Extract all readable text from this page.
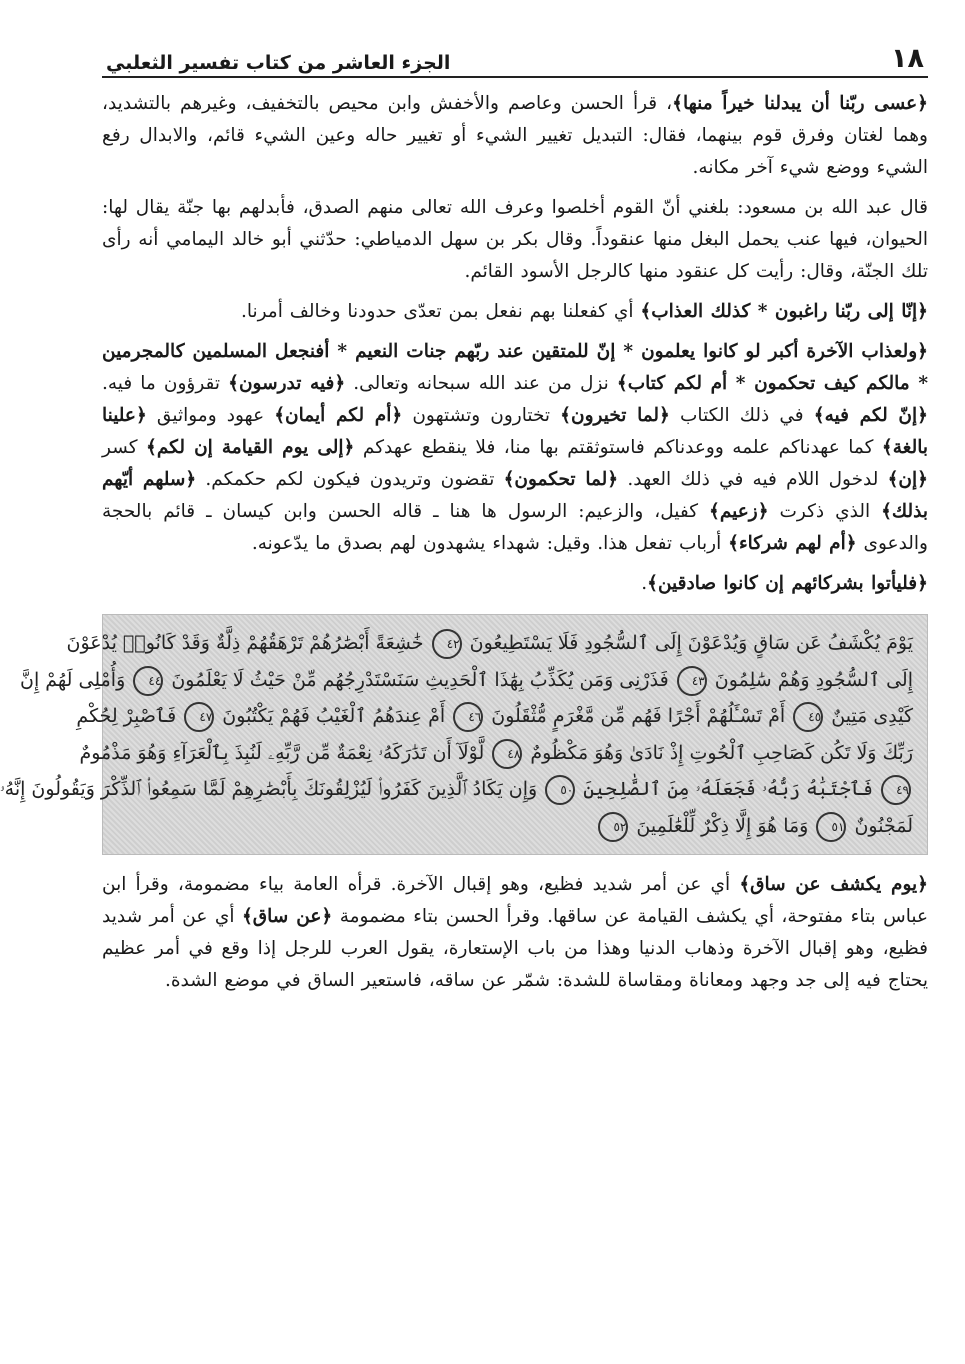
١٨
الجزء العاشر من كتاب تفسير الثعلبي

﴿عسى ربّنا أن يبدلنا خيراً منها﴾، قرأ الحسن وعاصم والأخفش وابن محيص بالتخفيف، وغيرهم بالتشديد، وهما لغتان وفرق قوم بينهما، فقال: التبديل تغيير الشيء أو تغيير حاله وعين الشيء قائم، والابدال رفع الشيء ووضع شيء آخر مكانه.

قال عبد الله بن مسعود: بلغني أنّ القوم أخلصوا وعرف الله تعالى منهم الصدق، فأبدلهم بها جنّة يقال لها: الحيوان، فيها عنب يحمل البغل منها عنقوداً. وقال بكر بن سهل الدمياطي: حدّثني أبو خالد اليمامي أنه رأى تلك الجنّة، وقال: رأيت كل عنقود منها كالرجل الأسود القائم.

﴿إنّا إلى ربّنا راغبون * كذلك العذاب﴾ أي كفعلنا بهم نفعل بمن تعدّى حدودنا وخالف أمرنا.

﴿ولعذاب الآخرة أكبر لو كانوا يعلمون * إنّ للمتقين عند ربّهم جنات النعيم * أفنجعل المسلمين كالمجرمين * مالكم كيف تحكمون * أم لكم كتاب﴾ نزل من عند الله سبحانه وتعالى. ﴿فيه تدرسون﴾ تقرؤون ما فيه. ﴿إنّ لكم فيه﴾ في ذلك الكتاب ﴿لما تخيرون﴾ تختارون وتشتهون ﴿أم لكم أيمان﴾ عهود ومواثيق ﴿علينا بالغة﴾ كما عهدناكم علمه ووعدناكم فاستوثقتم بها منا، فلا ينقطع عهدكم ﴿إلى يوم القيامة إن لكم﴾ كسر ﴿إن﴾ لدخول اللام فيه في ذلك العهد. ﴿لما تحكمون﴾ تقضون وتريدون فيكون لكم حكمكم. ﴿سلهم أيّهم بذلك﴾ الذي ذكرت ﴿زعيم﴾ كفيل، والزعيم: الرسول ها هنا ـ قاله الحسن وابن كيسان ـ قائم بالحجة والدعوى ﴿أم لهم شركاء﴾ أرباب تفعل هذا. وقيل: شهداء يشهدون لهم بصدق ما يدّعونه.

﴿فليأتوا بشركائهم إن كانوا صادقين﴾.

يَوْمَ يُكْشَفُ عَن سَاقٍ وَيُدْعَوْنَ إِلَى ٱلسُّجُودِ فَلَا يَسْتَطِيعُونَ ٤٢ خَٰشِعَةً أَبْصَٰرُهُمْ تَرْهَقُهُمْ ذِلَّةٌ وَقَدْ كَانُوا۟ يُدْعَوْنَ
إِلَى ٱلسُّجُودِ وَهُمْ سَٰلِمُونَ ٤٣ فَذَرْنِى وَمَن يُكَذِّبُ بِهَٰذَا ٱلْحَدِيثِ سَنَسْتَدْرِجُهُم مِّنْ حَيْثُ لَا يَعْلَمُونَ ٤٤ وَأُمْلِى لَهُمْ إِنَّ
كَيْدِى مَتِينٌ ٤٥ أَمْ تَسْـَٔلُهُمْ أَجْرًا فَهُم مِّن مَّغْرَمٍ مُّثْقَلُونَ ٤٦ أَمْ عِندَهُمُ ٱلْغَيْبُ فَهُمْ يَكْتُبُونَ ٤٧ فَٱصْبِرْ لِحُكْمِ
رَبِّكَ وَلَا تَكُن كَصَاحِبِ ٱلْحُوتِ إِذْ نَادَىٰ وَهُوَ مَكْظُومٌ ٤٨ لَّوْلَآ أَن تَدَٰرَكَهُۥ نِعْمَةٌ مِّن رَّبِّهِۦ لَنُبِذَ بِٱلْعَرَآءِ وَهُوَ مَذْمُومٌ
٤٩ فَٱجْتَبَٰهُ رَبُّهُۥ فَجَعَلَهُۥ مِنَ ٱلصَّٰلِحِينَ ٥٠ وَإِن يَكَادُ ٱلَّذِينَ كَفَرُوا۟ لَيُزْلِقُونَكَ بِأَبْصَٰرِهِمْ لَمَّا سَمِعُوا۟ ٱلذِّكْرَ وَيَقُولُونَ إِنَّهُۥ
لَمَجْنُونٌ ٥١ وَمَا هُوَ إِلَّا ذِكْرٌ لِّلْعَٰلَمِينَ ٥٢

﴿يوم يكشف عن ساق﴾ أي عن أمر شديد فظيع، وهو إقبال الآخرة. قرأه العامة بياء مضمومة، وقرأ ابن عباس بتاء مفتوحة، أي يكشف القيامة عن ساقها. وقرأ الحسن بتاء مضمومة ﴿عن ساق﴾ أي عن أمر شديد فظيع، وهو إقبال الآخرة وذهاب الدنيا وهذا من باب الإستعارة، يقول العرب للرجل إذا وقع في أمر عظيم يحتاج فيه إلى جد وجهد ومعاناة ومقاساة للشدة: شمّر عن ساقه، فاستعير الساق في موضع الشدة.
